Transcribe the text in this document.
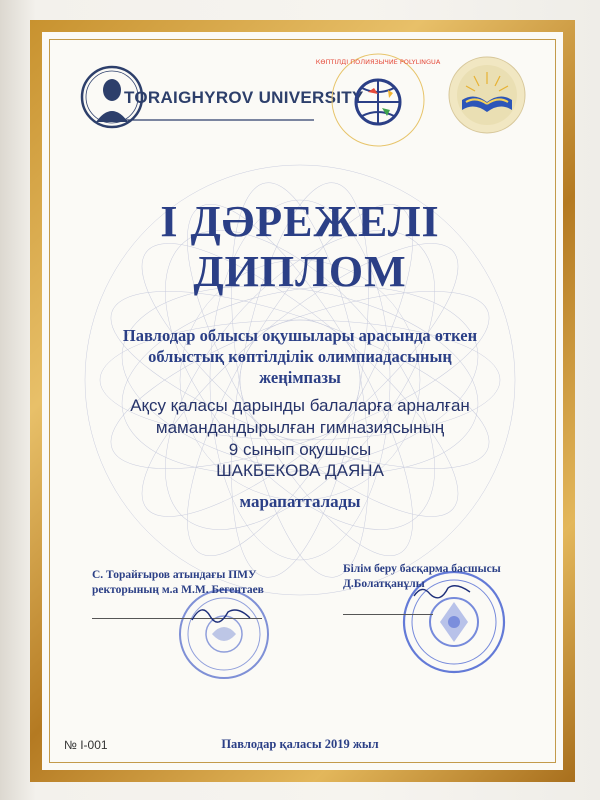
TORAIGHYROV UNIVERSITY
КӨПТІЛДІ ПОЛИЯЗЫЧИЕ POLYLINGUA
І ДӘРЕЖЕЛІ
ДИПЛОМ
Павлодар облысы оқушылары арасында өткен
облыстық көптілділік олимпиадасының
жеңімпазы
Ақсу қаласы дарынды балаларға арналған
мамандандырылған гимназиясының
9 сынып оқушысы
ШАКБЕКОВА ДАЯНА
марапатталады
С. Торайғыров атындағы ПМУ
ректорының м.а М.М. Бегентаев
Білім беру басқарма басшысы
Д.Болатқанұлы
№ І-001	Павлодар қаласы 2019 жыл
